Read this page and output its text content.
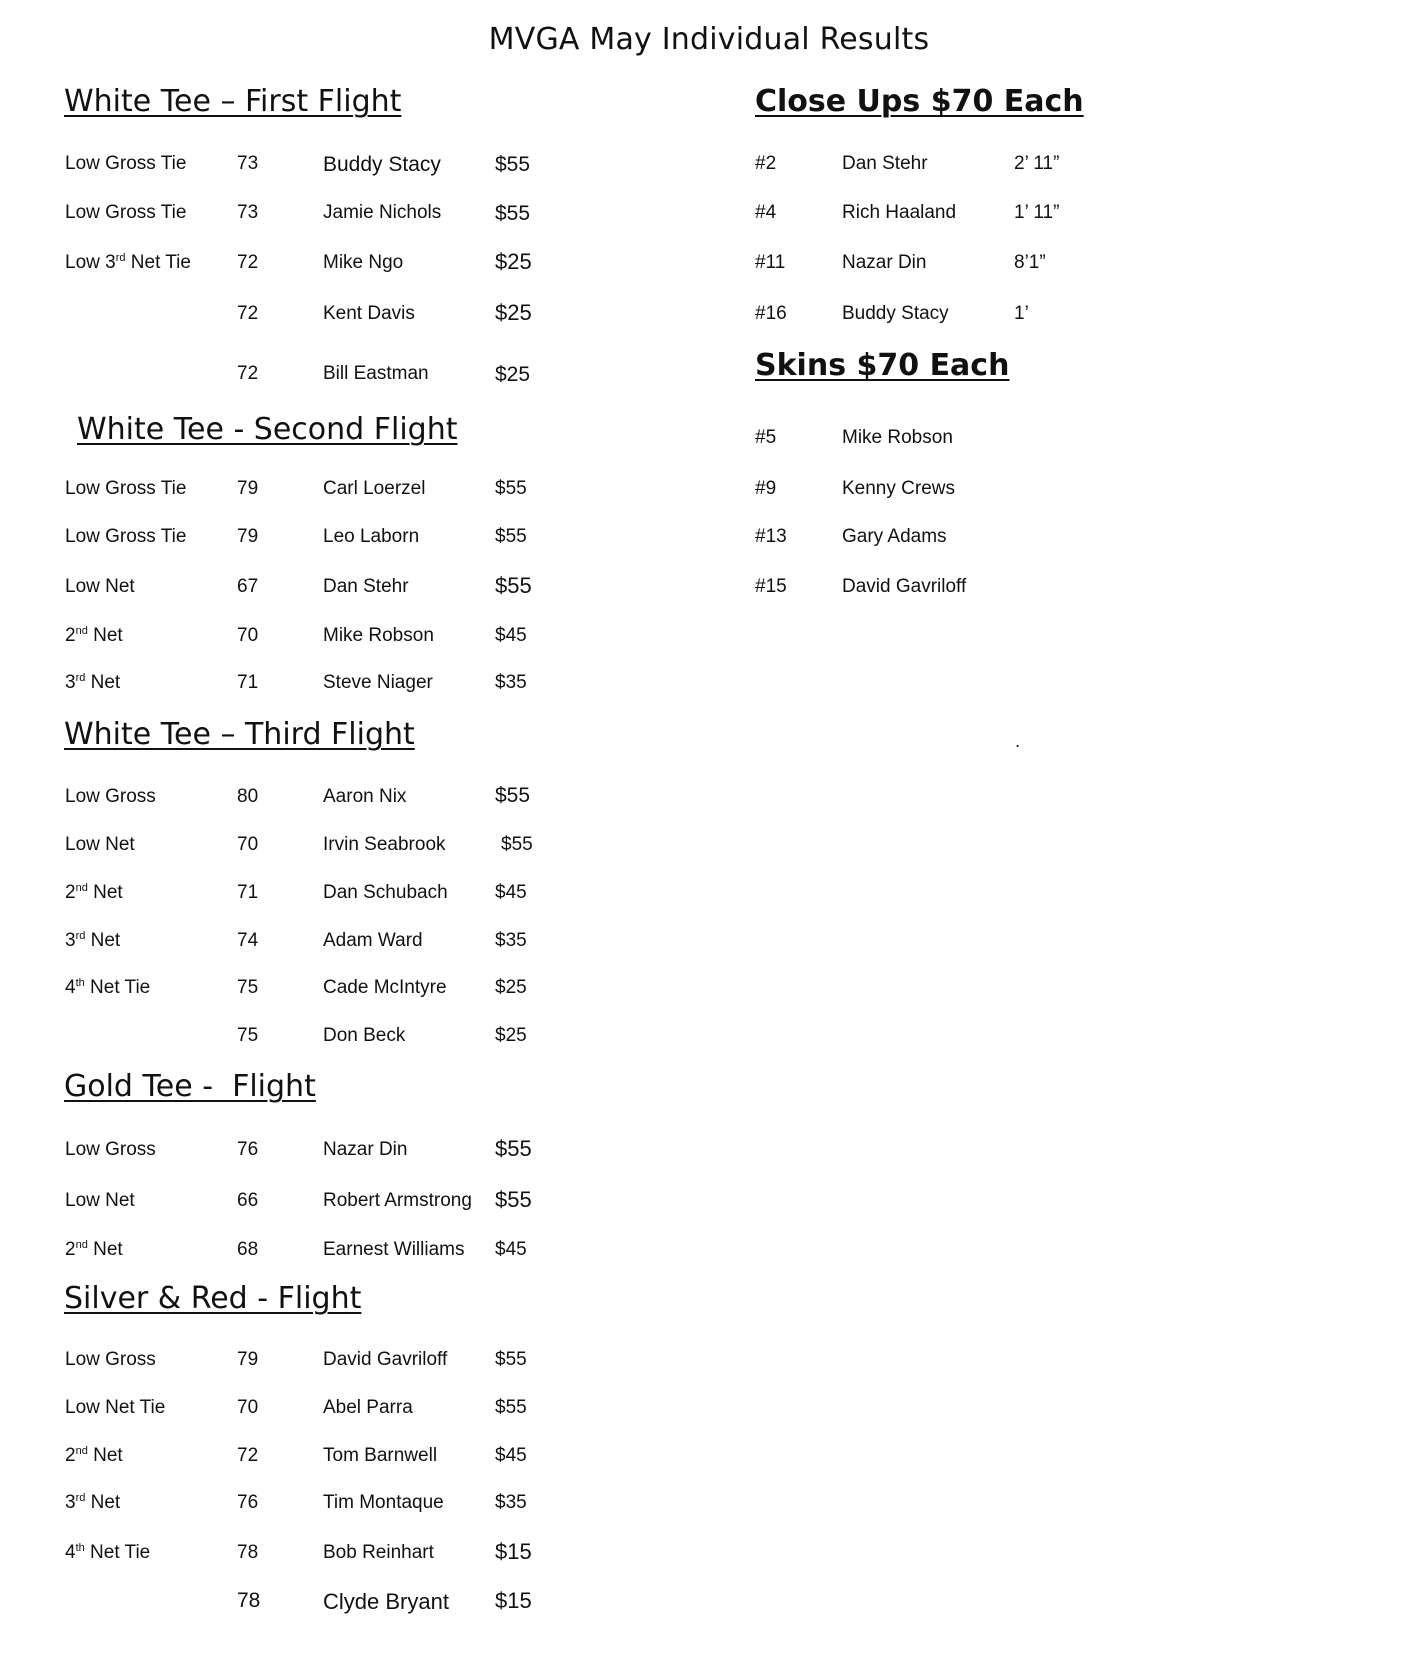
MVGA May Individual Results
White Tee – First Flight
Low Gross Tie	73	Buddy Stacy	$55
Low Gross Tie	73	Jamie Nichols	$55
Low 3rd Net Tie 72	Mike Ngo	$25
72	Kent Davis	$25
72	Bill Eastman	$25
White Tee - Second Flight
Low Gross Tie	79	Carl Loerzel	$55
Low Gross Tie	79	Leo Laborn	$55
Low Net	67	Dan Stehr	$55
2nd Net	70	Mike Robson	$45
3rd Net	71	Steve Niager	$35
White Tee – Third Flight
Low Gross	80	Aaron Nix	$55
Low Net	70	Irvin Seabrook	$55
2nd Net	71	Dan Schubach $45
3rd Net	74	Adam Ward	$35
4th Net Tie	75	Cade McIntyre	$25
75	Don Beck	$25
Gold Tee -  Flight
Low Gross	76	Nazar Din	$55
Low Net	66	Robert Armstrong $55
2nd Net	68	Earnest Williams $45
Silver & Red - Flight
Low Gross	79	David Gavriloff	$55
Low Net Tie	70	Abel Parra	$55
2nd Net	72	Tom Barnwell	$45
3rd Net	76	Tim Montaque	$35
4th Net Tie	78	Bob Reinhart	$15
78	Clyde Bryant $15
Close Ups $70 Each
#2	Dan Stehr	2’ 11”
#4	Rich Haaland	1’ 11”
#11	Nazar Din	8’1”
#16	Buddy Stacy	1’
Skins $70 Each
#5	Mike Robson
#9	Kenny Crews
#13	Gary Adams
#15	David Gavriloff
.
